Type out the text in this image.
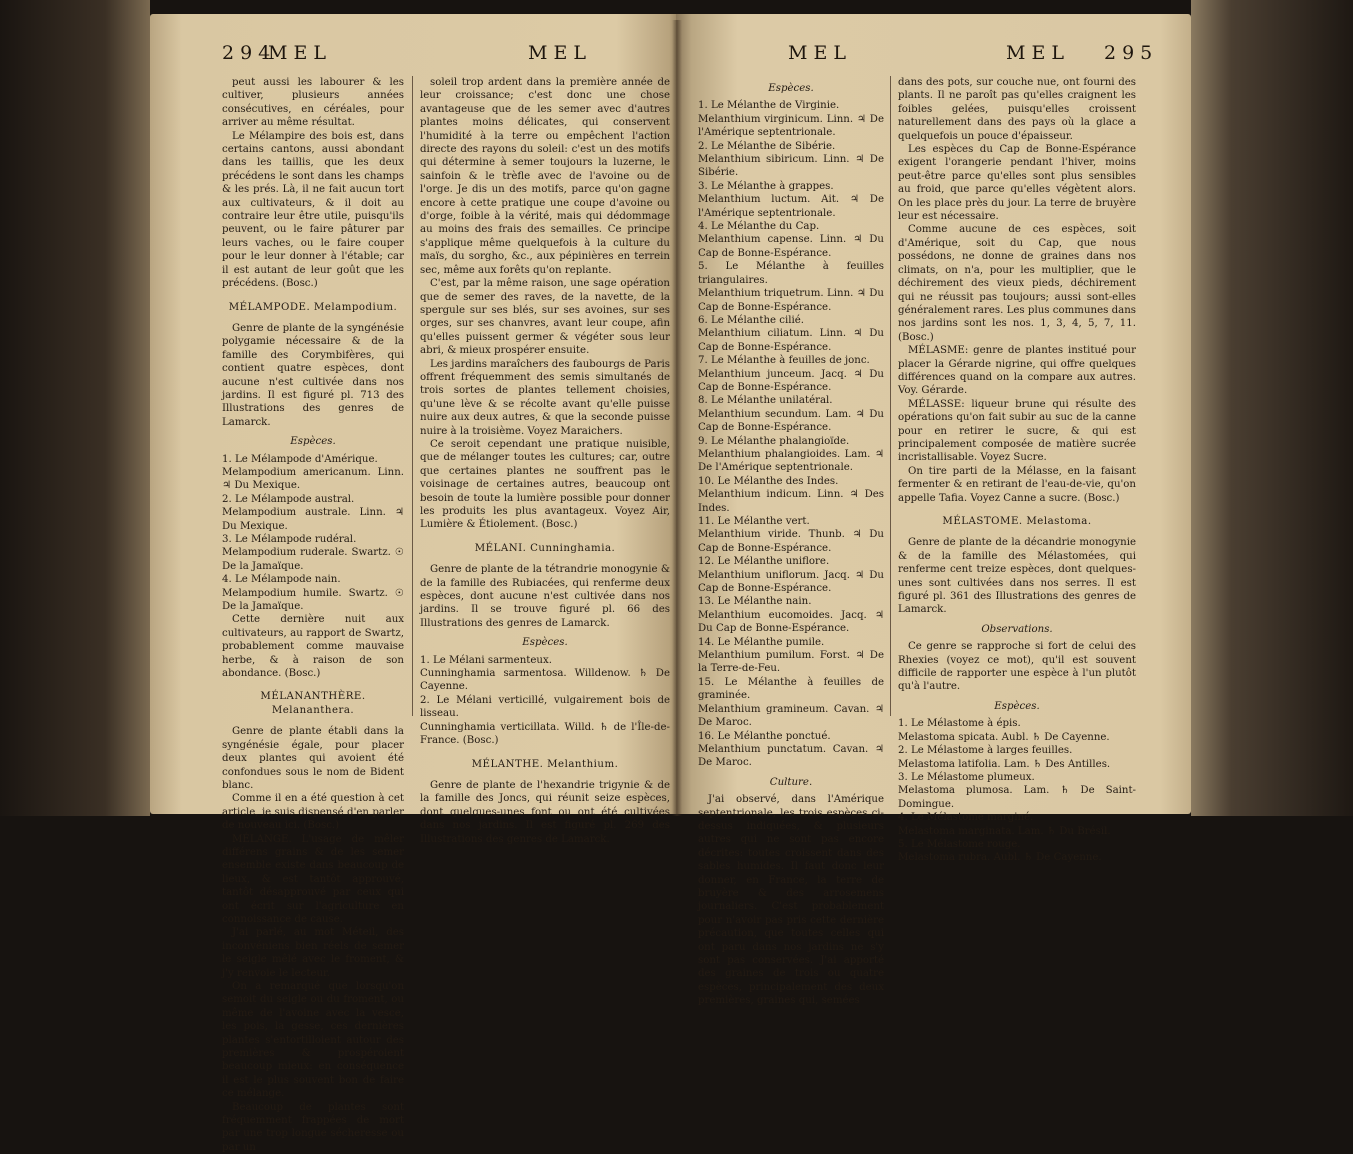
294
MEL	MEL

peut aussi les labourer & les cultiver, plusieurs années consécutives, en céréales, pour arriver au même résultat.

Le Mélampire des bois est, dans certains cantons, aussi abondant dans les taillis, que les deux précédens le sont dans les champs & les prés. Là, il ne fait aucun tort aux cultivateurs, & il doit au contraire leur être utile, puisqu'ils peuvent, ou le faire pâturer par leurs vaches, ou le faire couper pour le leur donner à l'étable; car il est autant de leur goût que les précédens. (Bosc.)

MÉLAMPODE. Melampodium.

Genre de plante de la syngénésie polygamie nécessaire & de la famille des Corymbifères, qui contient quatre espèces, dont aucune n'est cultivée dans nos jardins. Il est figuré pl. 713 des Illustrations des genres de Lamarck.

Espèces.

1. Le Mélampode d'Amérique.

Melampodium americanum. Linn. ♃ Du Mexique.

2. Le Mélampode austral.

Melampodium australe. Linn. ♃ Du Mexique.

3. Le Mélampode rudéral.

Melampodium ruderale. Swartz. ☉ De la Jamaïque.

4. Le Mélampode nain.

Melampodium humile. Swartz. ☉ De la Jamaïque.

Cette dernière nuit aux cultivateurs, au rapport de Swartz, probablement comme mauvaise herbe, & à raison de son abondance. (Bosc.)

MÉLANANTHÈRE. Melananthera.

Genre de plante établi dans la syngénésie égale, pour placer deux plantes qui avoient été confondues sous le nom de Bident blanc.

Comme il en a été question à cet article, je suis dispensé d'en parler de nouveau ici. (Bosc.)

MÉLANGE. L'usage de mêler différens grains & de les semer ensemble existe dans beaucoup de lieux, & est tantôt approuvé, tantôt désapprouvé par ceux qui ont écrit sur l'agriculture en connoissance de cause.

J'ai parlé, au mot Méteil, des inconvéniens bien réels de semer le seigle mêlé avec le froment, & j'y renvoie le lecteur.

On a remarqué que lorsqu'on semoit du seigle ou du froment, ou même de l'avoine avec la vesce, les pois, la gesse, ces dernières plantes s'entortilloient autour des premières & prospéroient beaucoup mieux: en conséquence il est le plus souvent bon de faire ce mélange.

Beaucoup de plantes sont fréquemment frappées de mort par une trop longue sécheresse ou par un

soleil trop ardent dans la première année de leur croissance; c'est donc une chose avantageuse que de les semer avec d'autres plantes moins délicates, qui conservent l'humidité à la terre ou empêchent l'action directe des rayons du soleil: c'est un des motifs qui détermine à semer toujours la luzerne, le sainfoin & le trèfle avec de l'avoine ou de l'orge. Je dis un des motifs, parce qu'on gagne encore à cette pratique une coupe d'avoine ou d'orge, foible à la vérité, mais qui dédommage au moins des frais des semailles. Ce principe s'applique même quelquefois à la culture du maïs, du sorgho, &c., aux pépinières en terrein sec, même aux forêts qu'on replante.

C'est, par la même raison, une sage opération que de semer des raves, de la navette, de la spergule sur ses blés, sur ses avoines, sur ses orges, sur ses chanvres, avant leur coupe, afin qu'elles puissent germer & végéter sous leur abri, & mieux prospérer ensuite.

Les jardins maraîchers des faubourgs de Paris offrent fréquemment des semis simultanés de trois sortes de plantes tellement choisies, qu'une lève & se récolte avant qu'elle puisse nuire aux deux autres, & que la seconde puisse nuire à la troisième. Voyez Maraichers.

Ce seroit cependant une pratique nuisible, que de mélanger toutes les cultures; car, outre que certaines plantes ne souffrent pas le voisinage de certaines autres, beaucoup ont besoin de toute la lumière possible pour donner les produits les plus avantageux. Voyez Air, Lumière & Étiolement. (Bosc.)

MÉLANI. Cunninghamia.

Genre de plante de la tétrandrie monogynie & de la famille des Rubiacées, qui renferme deux espèces, dont aucune n'est cultivée dans nos jardins. Il se trouve figuré pl. 66 des Illustrations des genres de Lamarck.

Espèces.

1. Le Mélani sarmenteux.

Cunninghamia sarmentosa. Willdenow. ♄ De Cayenne.

2. Le Mélani verticillé, vulgairement bois de lisseau.

Cunninghamia verticillata. Willd. ♄ de l'Île-de-France. (Bosc.)

MÉLANTHE. Melanthium.

Genre de plante de l'hexandrie trigynie & de la famille des Joncs, qui réunit seize espèces, dont quelques-unes font ou ont été cultivées dans nos jardins. Il est figuré pl. 269 des Illustrations des genres de Lamarck.

MEL	MEL 295

Espèces.

1. Le Mélanthe de Virginie.

Melanthium virginicum. Linn. ♃ De l'Amérique septentrionale.

2. Le Mélanthe de Sibérie.

Melanthium sibiricum. Linn. ♃ De Sibérie.

3. Le Mélanthe à grappes.

Melanthium luctum. Ait. ♃ De l'Amérique septentrionale.

4. Le Mélanthe du Cap.

Melanthium capense. Linn. ♃ Du Cap de Bonne-Espérance.

5. Le Mélanthe à feuilles triangulaires.

Melanthium triquetrum. Linn. ♃ Du Cap de Bonne-Espérance.

6. Le Mélanthe cilié.

Melanthium ciliatum. Linn. ♃ Du Cap de Bonne-Espérance.

7. Le Mélanthe à feuilles de jonc.

Melanthium junceum. Jacq. ♃ Du Cap de Bonne-Espérance.

8. Le Mélanthe unilatéral.

Melanthium secundum. Lam. ♃ Du Cap de Bonne-Espérance.

9. Le Mélanthe phalangioïde.

Melanthium phalangioides. Lam. ♃ De l'Amérique septentrionale.

10. Le Mélanthe des Indes.

Melanthium indicum. Linn. ♃ Des Indes.

11. Le Mélanthe vert.

Melanthium viride. Thunb. ♃ Du Cap de Bonne-Espérance.

12. Le Mélanthe uniflore.

Melanthium uniflorum. Jacq. ♃ Du Cap de Bonne-Espérance.

13. Le Mélanthe nain.

Melanthium eucomoides. Jacq. ♃ Du Cap de Bonne-Espérance.

14. Le Mélanthe pumile.

Melanthium pumilum. Forst. ♃ De la Terre-de-Feu.

15. Le Mélanthe à feuilles de graminée.

Melanthium gramineum. Cavan. ♃ De Maroc.

16. Le Mélanthe ponctué.

Melanthium punctatum. Cavan. ♃ De Maroc.

Culture.

J'ai observé, dans l'Amérique septentrionale, les trois espèces ci-dessus indiquées, & plusieurs autres qui ne sont pas encore décrites: toutes croissent dans des sables humides. Il faut donc leur donner, en France, la terre de bruyère & des arrosemens journaliers. C'est probablement pour n'avoir pas pris cette dernière précaution, que toutes celles qui ont paru dans nos jardins ne s'y sont pas conservées. J'ai apporté des graines de trois ou quatre espèces, principalement des deux premières, graines qui, semées

dans des pots, sur couche nue, ont fourni des plants. Il ne paroît pas qu'elles craignent les foibles gelées, puisqu'elles croissent naturellement dans des pays où la glace a quelquefois un pouce d'épaisseur.

Les espèces du Cap de Bonne-Espérance exigent l'orangerie pendant l'hiver, moins peut-être parce qu'elles sont plus sensibles au froid, que parce qu'elles végètent alors. On les place près du jour. La terre de bruyère leur est nécessaire.

Comme aucune de ces espèces, soit d'Amérique, soit du Cap, que nous possédons, ne donne de graines dans nos climats, on n'a, pour les multiplier, que le déchirement des vieux pieds, déchirement qui ne réussit pas toujours; aussi sont-elles généralement rares. Les plus communes dans nos jardins sont les nos. 1, 3, 4, 5, 7, 11. (Bosc.)

MÉLASME: genre de plantes institué pour placer la Gérarde nigrine, qui offre quelques différences quand on la compare aux autres. Voy. Gérarde.

MÉLASSE: liqueur brune qui résulte des opérations qu'on fait subir au suc de la canne pour en retirer le sucre, & qui est principalement composée de matière sucrée incristallisable. Voyez Sucre.

On tire parti de la Mélasse, en la faisant fermenter & en retirant de l'eau-de-vie, qu'on appelle Tafia. Voyez Canne a sucre. (Bosc.)

MÉLASTOME. Melastoma.

Genre de plante de la décandrie monogynie & de la famille des Mélastomées, qui renferme cent treize espèces, dont quelques-unes sont cultivées dans nos serres. Il est figuré pl. 361 des Illustrations des genres de Lamarck.

Observations.

Ce genre se rapproche si fort de celui des Rhexies (voyez ce mot), qu'il est souvent difficile de rapporter une espèce à l'un plutôt qu'à l'autre.

Espèces.

1. Le Mélastome à épis.

Melastoma spicata. Aubl. ♄ De Cayenne.

2. Le Mélastome à larges feuilles.

Melastoma latifolia. Lam. ♄ Des Antilles.

3. Le Mélastome plumeux.

Melastoma plumosa. Lam. ♄ De Saint-Domingue.

4. Le Mélastome marginé.

Melastoma marginata. Lam. ♄ Du Brésil.

5. Le Mélastome rouge.

Melastoma rubra. Aubl. ♄ De Cayenne.
